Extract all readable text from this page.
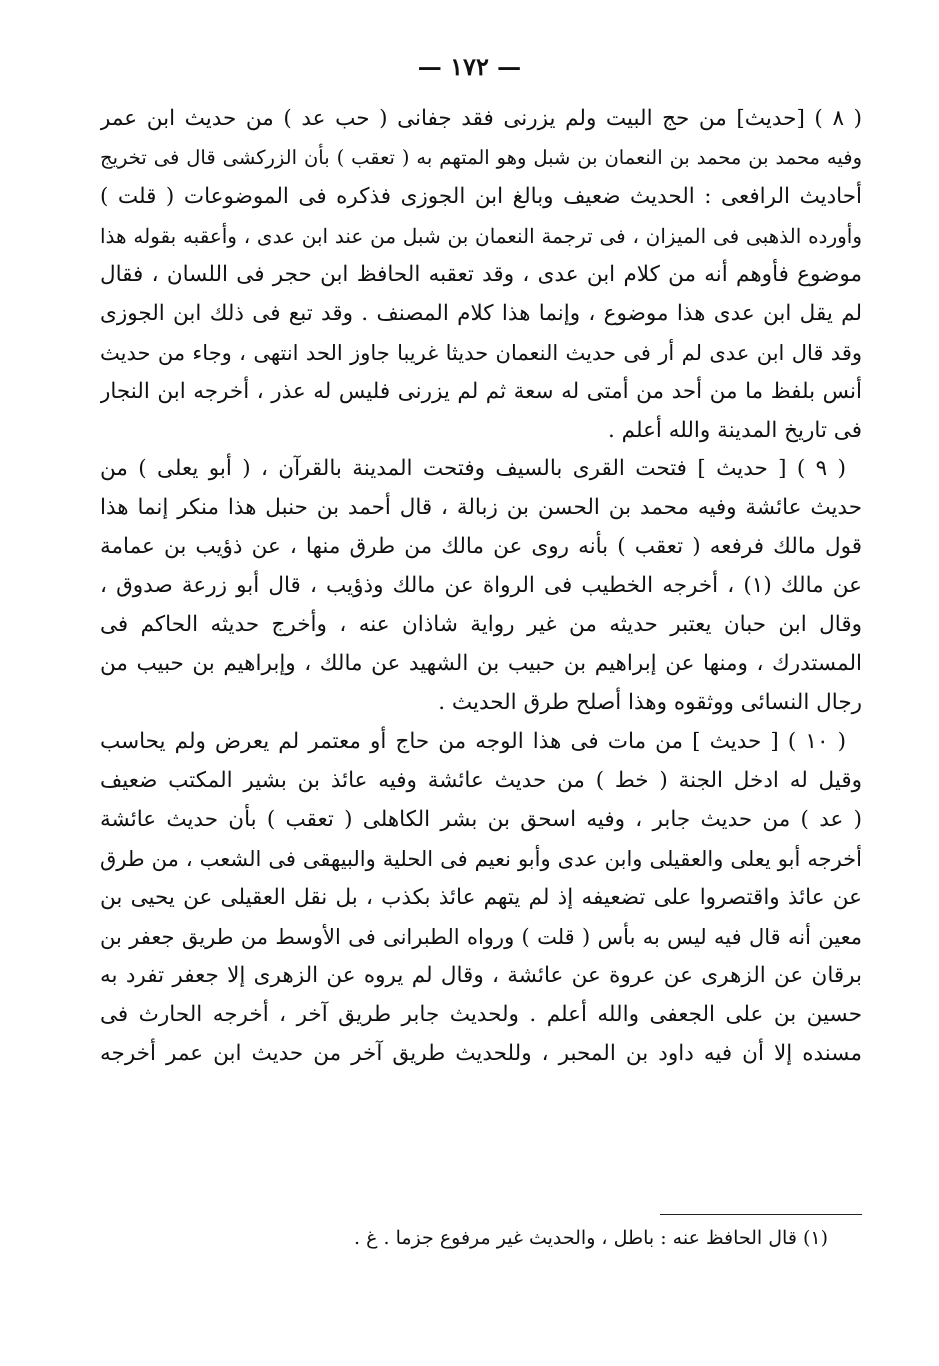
— ١٧٢ —
( ٨ ) [حديث] من حج البيت ولم يزرنى فقد جفانى ( حب عد ) من حديث ابن عمر
وفيه محمد بن محمد بن النعمان بن شبل وهو المتهم به ( تعقب ) بأن الزركشى قال فى تخريج
أحاديث الرافعى : الحديث ضعيف وبالغ ابن الجوزى فذكره فى الموضوعات ( قلت )
وأورده الذهبى فى الميزان ، فى ترجمة النعمان بن شبل من عند ابن عدى ، وأعقبه بقوله هذا
موضوع فأوهم أنه من كلام ابن عدى ، وقد تعقبه الحافظ ابن حجر فى اللسان ، فقال
لم يقل ابن عدى هذا موضوع ، وإنما هذا كلام المصنف . وقد تبع فى ذلك ابن الجوزى
وقد قال ابن عدى لم أر فى حديث النعمان حديثا غريبا جاوز الحد انتهى ، وجاء من حديث
أنس بلفظ ما من أحد من أمتى له سعة ثم لم يزرنى فليس له عذر ، أخرجه ابن النجار
فى تاريخ المدينة والله أعلم .
( ٩ ) [ حديث ] فتحت القرى بالسيف وفتحت المدينة بالقرآن ، ( أبو يعلى ) من
حديث عائشة وفيه محمد بن الحسن بن زبالة ، قال أحمد بن حنبل هذا منكر إنما هذا
قول مالك فرفعه ( تعقب ) بأنه روى عن مالك من طرق منها ، عن ذؤيب بن عمامة
عن مالك (١) ، أخرجه الخطيب فى الرواة عن مالك وذؤيب ، قال أبو زرعة صدوق ،
وقال ابن حبان يعتبر حديثه من غير رواية شاذان عنه ، وأخرج حديثه الحاكم فى
المستدرك ، ومنها عن إبراهيم بن حبيب بن الشهيد عن مالك ، وإبراهيم بن حبيب من
رجال النسائى ووثقوه وهذا أصلح طرق الحديث .
( ١٠ ) [ حديث ] من مات فى هذا الوجه من حاج أو معتمر لم يعرض ولم يحاسب
وقيل له ادخل الجنة ( خط ) من حديث عائشة وفيه عائذ بن بشير المكتب ضعيف
( عد ) من حديث جابر ، وفيه اسحق بن بشر الكاهلى ( تعقب ) بأن حديث عائشة
أخرجه أبو يعلى والعقيلى وابن عدى وأبو نعيم فى الحلية والبيهقى فى الشعب ، من طرق
عن عائذ واقتصروا على تضعيفه إذ لم يتهم عائذ بكذب ، بل نقل العقيلى عن يحيى بن
معين أنه قال فيه ليس به بأس ( قلت ) ورواه الطبرانى فى الأوسط من طريق جعفر بن
برقان عن الزهرى عن عروة عن عائشة ، وقال لم يروه عن الزهرى إلا جعفر تفرد به
حسين بن على الجعفى والله أعلم . ولحديث جابر طريق آخر ، أخرجه الحارث فى
مسنده إلا أن فيه داود بن المحبر ، وللحديث طريق آخر من حديث ابن عمر أخرجه
(١) قال الحافظ عنه : باطل ، والحديث غير مرفوع جزما . غ .
